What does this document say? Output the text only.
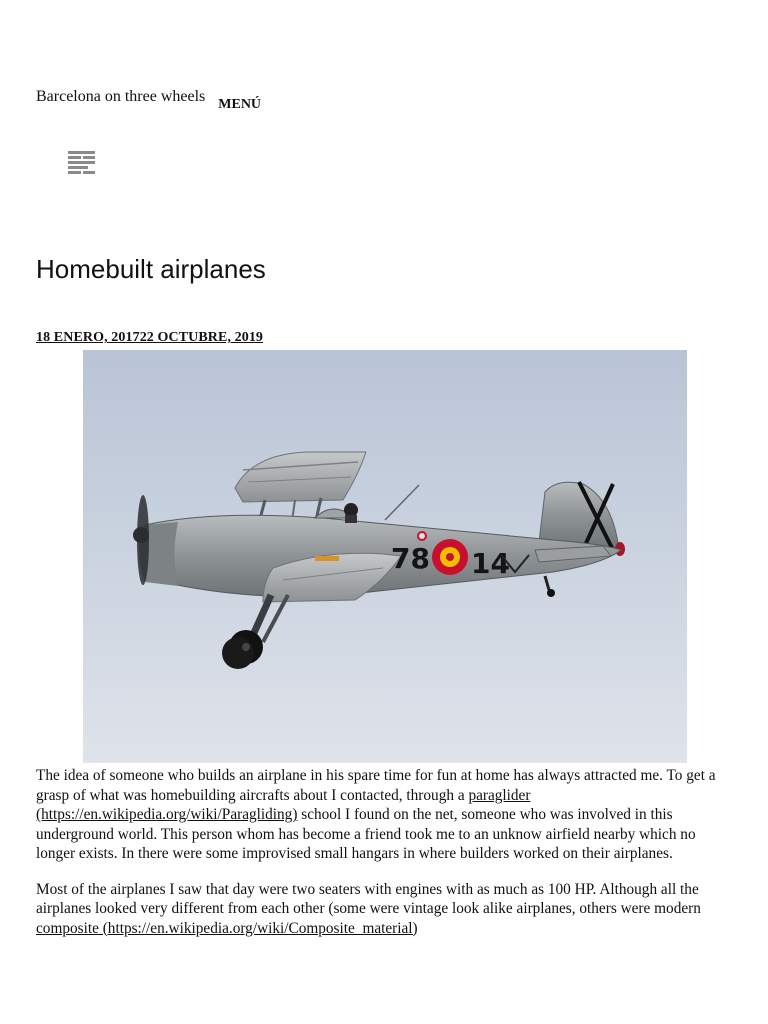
Barcelona on three wheels MENÚ
Homebuilt airplanes
18 ENERO, 201722 OCTUBRE, 2019
78 14

The idea of someone who builds an airplane in his spare time for fun at home has always attracted me. To get a grasp of what was homebuilding aircrafts about I contacted, through a paraglider (https://en.wikipedia.org/wiki/Paragliding) school I found on the net, someone who was involved in this underground world. This person whom has become a friend took me to an unknow airfield nearby which no longer exists. In there were some improvised small hangars in where builders worked on their airplanes.

Most of the airplanes I saw that day were two seaters with engines with as much as 100 HP. Although all the airplanes looked very different from each other (some were vintage look alike airplanes, others were modern composite (https://en.wikipedia.org/wiki/Composite_material)
